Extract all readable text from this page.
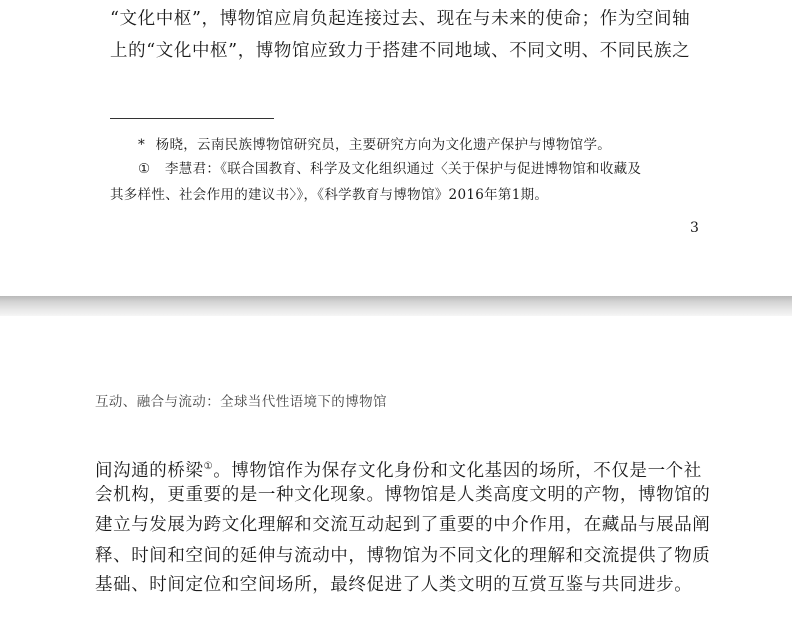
“文化中枢”，博物馆应肩负起连接过去、现在与未来的使命；作为空间轴
上的“文化中枢”，博物馆应致力于搭建不同地域、不同文明、不同民族之
* 杨晓，云南民族博物馆研究员，主要研究方向为文化遗产保护与博物馆学。
① 李慧君：《联合国教育、科学及文化组织通过〈关于保护与促进博物馆和收藏及
其多样性、社会作用的建议书〉》，《科学教育与博物馆》2016年第1期。
3
互动、融合与流动：全球当代性语境下的博物馆
间沟通的桥梁①。博物馆作为保存文化身份和文化基因的场所，不仅是一个社
会机构，更重要的是一种文化现象。博物馆是人类高度文明的产物，博物馆的
建立与发展为跨文化理解和交流互动起到了重要的中介作用，在藏品与展品阐
释、时间和空间的延伸与流动中，博物馆为不同文化的理解和交流提供了物质
基础、时间定位和空间场所，最终促进了人类文明的互赏互鉴与共同进步。
